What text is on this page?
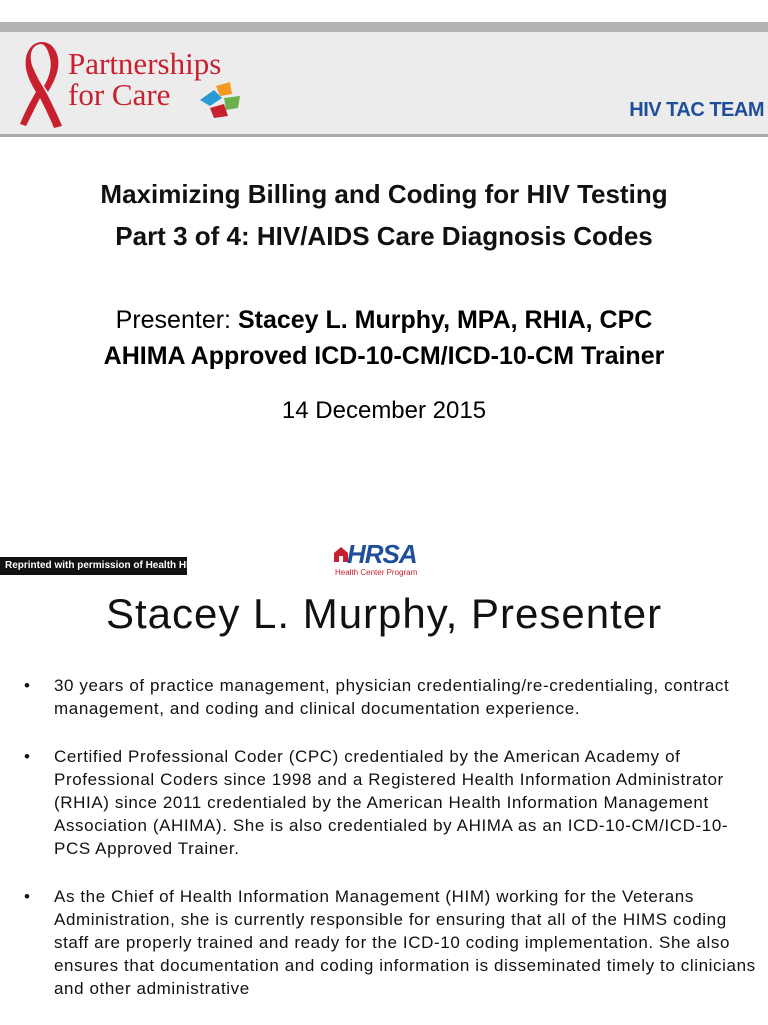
Partnerships
for Care	HIV TAC TEAM
Maximizing Billing and Coding for HIV Testing
Part 3 of 4: HIV/AIDS Care Diagnosis Codes
Presenter: Stacey L. Murphy, MPA, RHIA, CPC
AHIMA Approved ICD-10-CM/ICD-10-CM Trainer
14 December 2015
Reprinted with permission of Health HIV	HRSA
Health Center Program
Stacey L. Murphy, Presenter
• 30 years of practice management, physician credentialing/re-credentialing, contract management, and coding and clinical documentation experience.
• Certified Professional Coder (CPC) credentialed by the American Academy of Professional Coders since 1998 and a Registered Health Information Administrator (RHIA) since 2011 credentialed by the American Health Information Management Association (AHIMA). She is also credentialed by AHIMA as an ICD-10-CM/ICD-10-PCS Approved Trainer.
• As the Chief of Health Information Management (HIM) working for the Veterans Administration, she is currently responsible for ensuring that all of the HIMS coding staff are properly trained and ready for the ICD-10 coding implementation. She also ensures that documentation and coding information is disseminated timely to clinicians and other administrative
